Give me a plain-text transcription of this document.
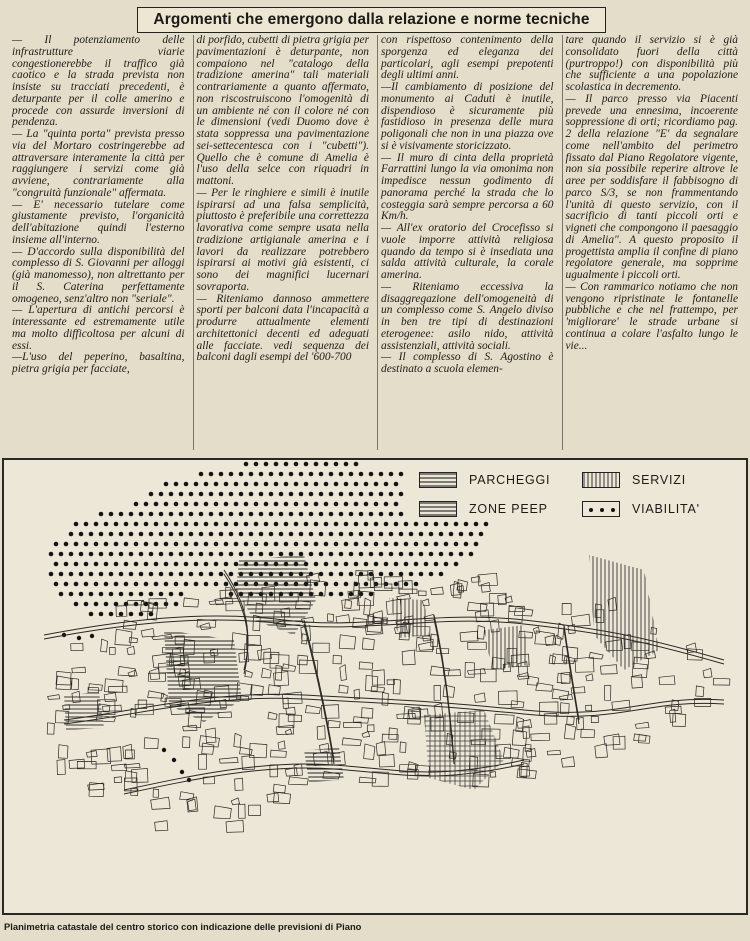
Argomenti che emergono dalla relazione e norme tecniche

— Il potenziamento delle infrastrutture viarie congestionerebbe il traffico già caotico e la strada prevista non insiste su tracciati precedenti, è deturpante per il colle amerino e procede con assurde inversioni di pendenza.

— La "quinta porta" prevista presso via del Mortaro costringerebbe ad attraversare interamente la città per raggiungere i servizi come già avviene, contrariamente alla "congruità funzionale" affermata.

— E' necessario tutelare come giustamente previsto, l'organicità dell'abitazione quindi l'esterno insieme all'interno.

— D'accordo sulla disponibilità del complesso di S. Giovanni per alloggi (già manomesso), non altrettanto per il S. Caterina perfettamente omogeneo, senz'altro non "seriale".

— L'apertura di antichi percorsi è interessante ed estremamente utile ma molto difficoltosa per alcuni di essi.

—L'uso del peperino, basaltina, pietra grigia per facciate,

di porfido, cubetti di pietra grigia per pavimentazioni è deturpante, non compaiono nel "catalogo della tradizione amerina" tali materiali contrariamente a quanto affermato, non riscostruiscono l'omogenità di un ambiente né con il colore né con le dimensioni (vedi Duomo dove è stata soppressa una pavimentazione sei-settecentesca con i "cubetti"). Quello che è comune di Amelia è l'uso della selce con riquadri in mattoni.

— Per le ringhiere e simili è inutile ispirarsi ad una falsa semplicità, piuttosto è preferibile una correttezza lavorativa come sempre usata nella tradizione artigianale amerina e i lavori da realizzare potrebbero ispirarsi ai motivi già esistenti, ci sono dei magnifici lucernari sovraporta.

— Riteniamo dannoso ammettere sporti per balconi data l'incapacità a produrre attualmente elementi architettonici decenti ed adeguati alle facciate. vedi sequenza dei balconi dagli esempi del '600-700

con rispettoso contenimento della sporgenza ed eleganza dei particolari, agli esempi prepotenti degli ultimi anni.

—Il cambiamento di posizione del monumento ai Caduti è inutile, dispendioso è sicuramente più fastidioso in presenza delle mura poligonali che non in una piazza ove si è visivamente storicizzato.

— Il muro di cinta della proprietà Farrattini lungo la via omonima non impedisce nessun godimento di panorama perché la strada che lo costeggia sarà sempre percorsa a 60 Km/h.

— All'ex oratorio del Crocefisso si vuole imporre attività religiosa quando da tempo si è insediata una salda attività culturale, la corale amerina.

— Riteniamo eccessiva la disaggregazione dell'omogeneità di un complesso come S. Angelo diviso in ben tre tipi di destinazioni eterogenee: asilo nido, attività assistenziali, attività sociali.

— Il complesso di S. Agostino è destinato a scuola elemen-

tare quando il servizio si è già consolidato fuori della città (purtroppo!) con disponibilità più che sufficiente a una popolazione scolastica in decremento.

— Il parco presso via Piacenti prevede una ennesima, incoerente soppressione di orti; ricordiamo pag. 2 della relazione "E' da segnalare come nell'ambito del perimetro fissato dal Piano Regolatore vigente, non sia possibile reperire altrove le aree per soddisfare il fabbisogno di parco S/3, se non frammentando l'unità di questo servizio, con il sacrificio di tanti piccoli orti e vigneti che compongono il paesaggio di Amelia". A questo proposito il progettista amplia il confine di piano regolatore generale, ma sopprime ugualmente i piccoli orti.

— Con rammarico notiamo che non vengono ripristinate le fontanelle pubbliche e che nel frattempo, per 'migliorare' le strade urbane si continua a colare l'asfalto lungo le vie...

PARCHEGGI
ZONE PEEP
SERVIZI
VIABILITA'

Planimetria catastale del centro storico con indicazione delle previsioni di Piano
